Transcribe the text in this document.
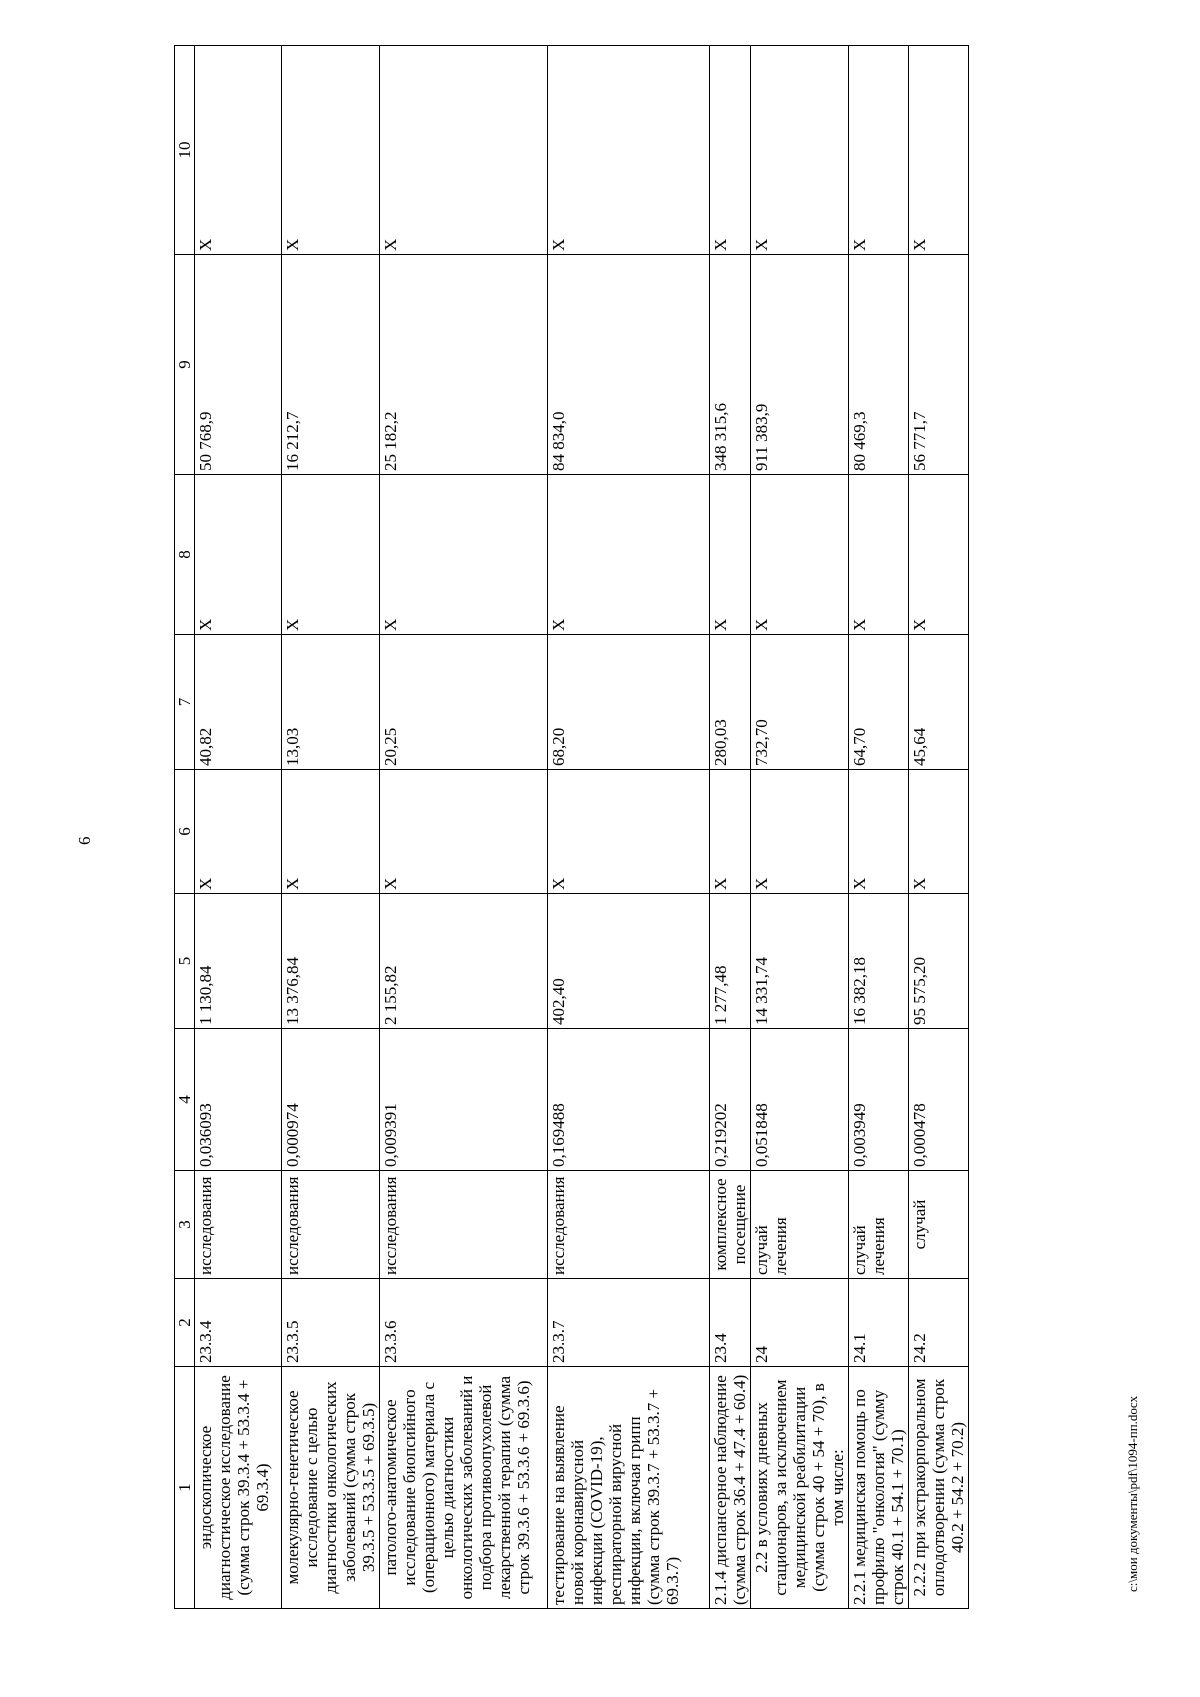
6
c:\мои документы\pdf\1094-пп.docx
1	2	3	4	5	6	7	8	9	10
эндоскопическое диагностическое исследование (сумма строк 39.3.4 + 53.3.4 + 69.3.4)	23.3.4	исследования	0,036093	1 130,84	X	40,82	X	50 768,9	X
молекулярно-генетическое исследование с целью диагностики онкологических заболеваний (сумма строк 39.3.5 + 53.3.5 + 69.3.5)	23.3.5	исследования	0,000974	13 376,84	X	13,03	X	16 212,7	X
патолого-анатомическое исследование биопсийного (операционного) материала с целью диагностики онкологических заболеваний и подбора противоопухолевой лекарственной терапии (сумма строк 39.3.6 + 53.3.6 + 69.3.6)	23.3.6	исследования	0,009391	2 155,82	X	20,25	X	25 182,2	X
тестирование на выявление новой коронавирусной инфекции (COVID-19), респираторной вирусной инфекции, включая грипп (сумма строк 39.3.7 + 53.3.7 + 69.3.7)	23.3.7	исследования	0,169488	402,40	X	68,20	X	84 834,0	X
2.1.4 диспансерное наблюдение (сумма строк 36.4 + 47.4 + 60.4)	23.4	комплексное посещение	0,219202	1 277,48	X	280,03	X	348 315,6	X
2.2 в условиях дневных стационаров, за исключением медицинской реабилитации (сумма строк 40 + 54 + 70), в том числе:	24	случай лечения	0,051848	14 331,74	X	732,70	X	911 383,9	X
2.2.1 медицинская помощь по профилю "онкология" (сумму строк 40.1 + 54.1 + 70.1)	24.1	случай лечения	0,003949	16 382,18	X	64,70	X	80 469,3	X
2.2.2 при экстракорпоральном оплодотворении (сумма строк 40.2 + 54.2 + 70.2)	24.2	случай	0,000478	95 575,20	X	45,64	X	56 771,7	X
